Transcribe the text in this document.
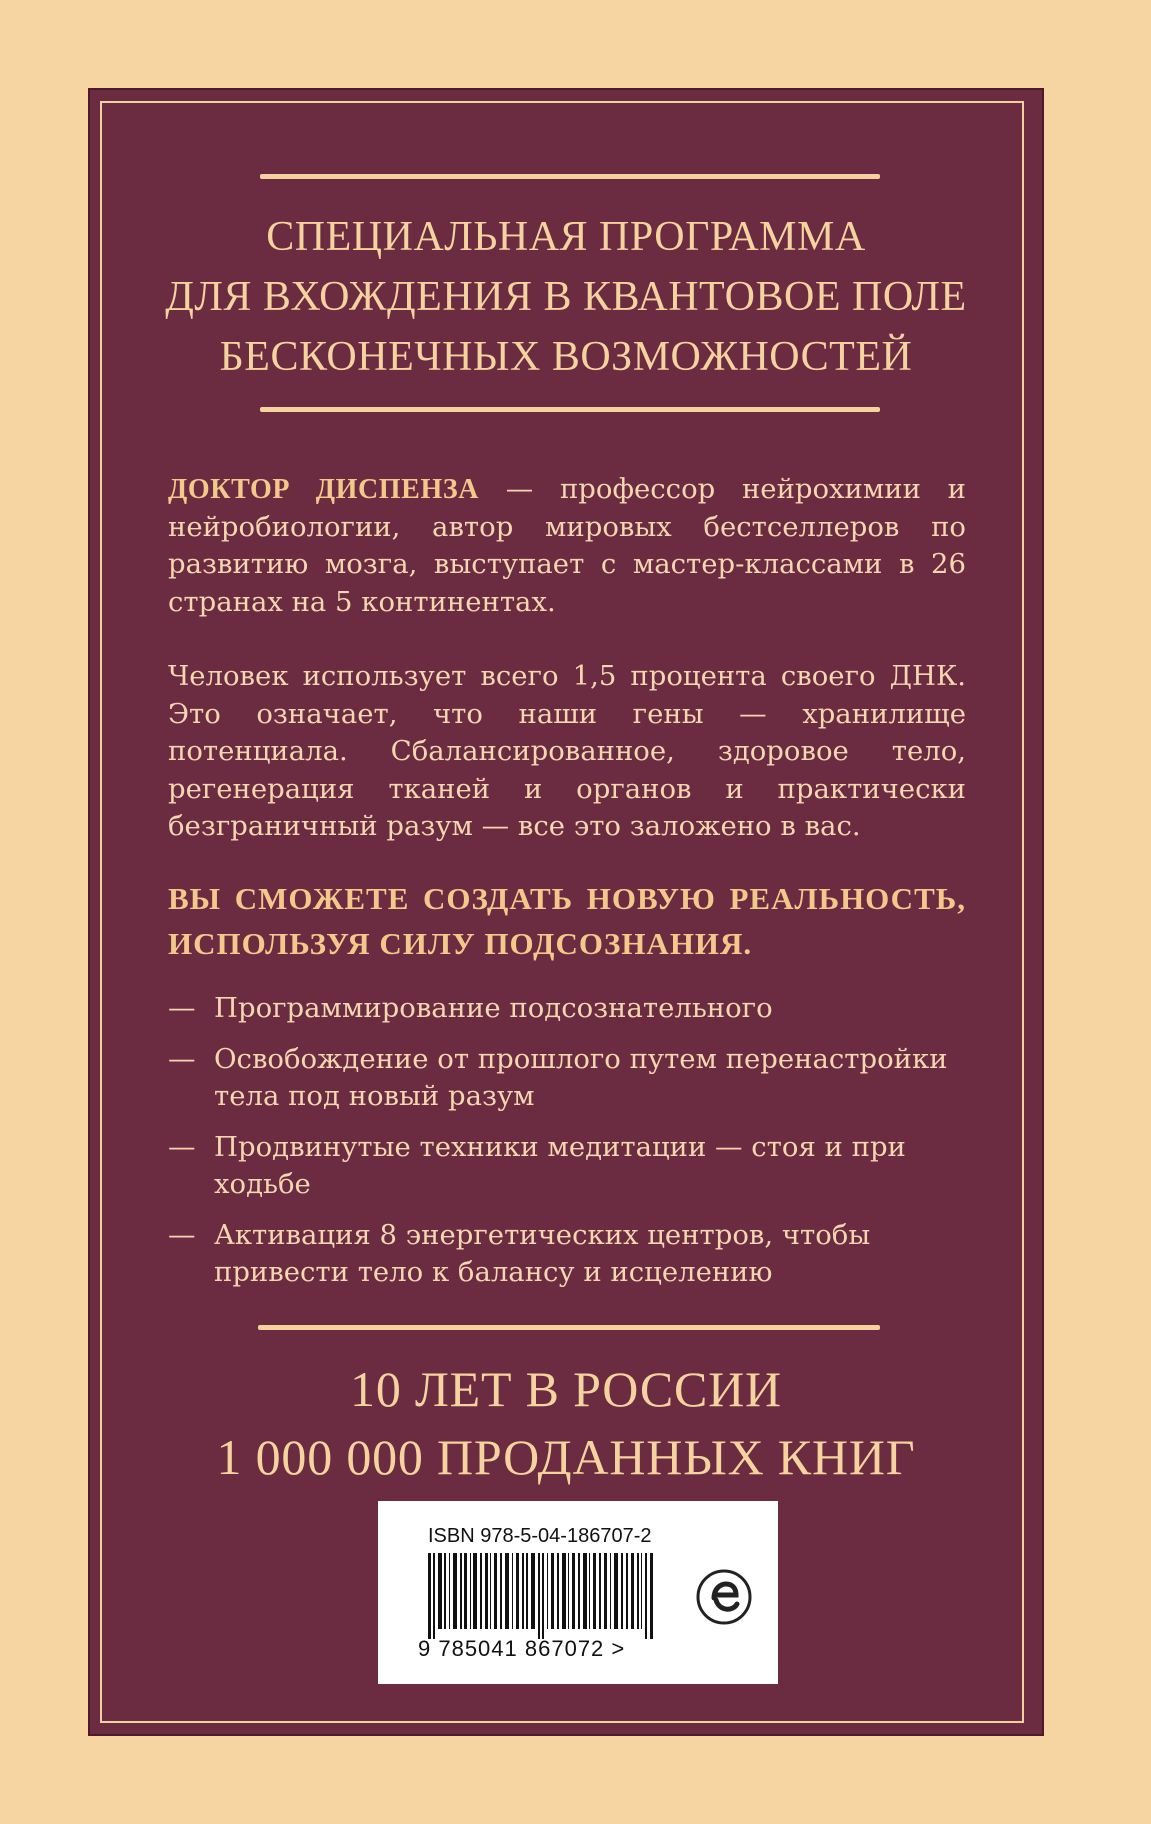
СПЕЦИАЛЬНАЯ ПРОГРАММА
ДЛЯ ВХОЖДЕНИЯ В КВАНТОВОЕ ПОЛЕ
БЕСКОНЕЧНЫХ ВОЗМОЖНОСТЕЙ
ДОКТОР ДИСПЕНЗА — профессор нейрохимии и нейробиологии, автор мировых бестселлеров по развитию мозга, выступает с мастер-классами в 26 странах на 5 континентах.
Человек использует всего 1,5 процента своего ДНК. Это означает, что наши гены — хранилище потенциала. Сбалансированное, здоровое тело, регенерация тканей и органов и практически безграничный разум — все это заложено в вас.
ВЫ СМОЖЕТЕ СОЗДАТЬ НОВУЮ РЕАЛЬНОСТЬ, ИСПОЛЬЗУЯ СИЛУ ПОДСОЗНАНИЯ.
— Программирование подсознательного
— Освобождение от прошлого путем перенастройки тела под новый разум
— Продвинутые техники медитации — стоя и при ходьбе
— Активация 8 энергетических центров, чтобы привести тело к балансу и исцелению
10 ЛЕТ В РОССИИ
1 000 000 ПРОДАННЫХ КНИГ
ISBN 978-5-04-186707-2
9 785041 867072 >
